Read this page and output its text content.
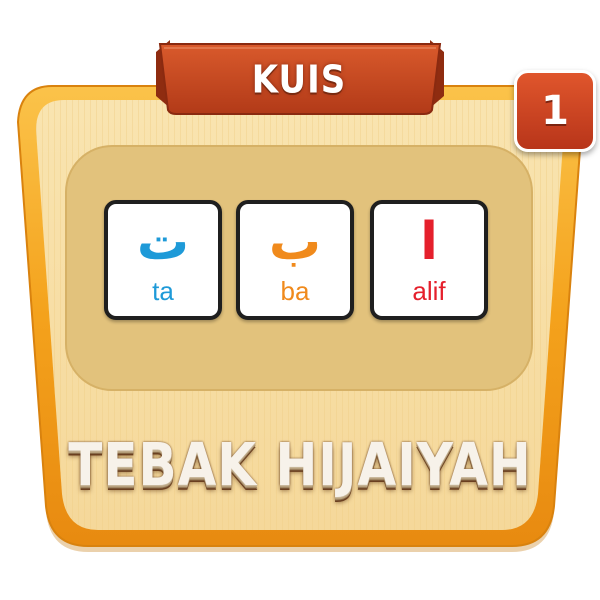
KUIS
1
ت
ta
ب
ba
ا
alif
TEBAK HIJAIYAH
